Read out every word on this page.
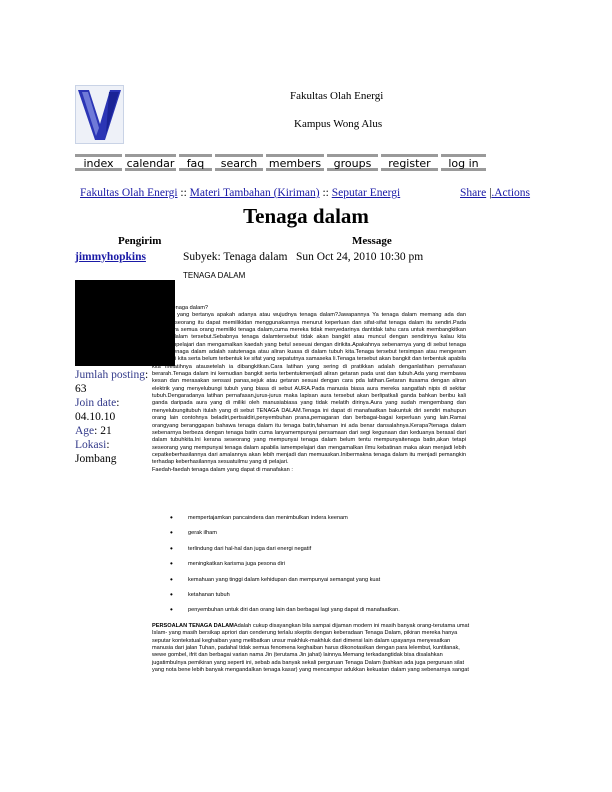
Fakultas Olah Energi
Kampus Wong Alus
index	calendar	faq	search	members	groups	register	log in
Fakultas Olah Energi :: Materi Tambahan (Kiriman) :: Seputar Energi	Share |.Actions
Tenaga dalam
Pengirim	Message
jimmyhopkins
Jumlah posting:
63
Join date:
04.10.10
Age: 21
Lokasi:
Jombang
Subyek: Tenaga dalam Sun Oct 24, 2010 10:30 pm
TENAGA DALAM
Apa itu tenaga dalam?
Jika ada yang bertanya apakah adanya atau wujudnya tenaga dalam?Jawapannya Ya tenaga dalam memang ada dan wujud.Seseorang itu dapat memilikidan menggunakannya menurut keperluan dan sifat-sifat tenaga dalam itu sendiri.Pada hakikatnya semua orang memiliki tenaga dalam,cuma mereka tidak menyedarinya dantidak tahu cara untuk membangkitkan tenaga dalam tersebut.Sebabnya tenaga dalamtersebut tidak akan bangkit atau muncul dengan sendirinya kalau kita tidakmempelajari dan mengamalkan kaedah yang betul seseuai dengan dirikita.Apakahnya sebenarnya yang di sebut tenaga dalam?Tenaga dalam adalah satutenaga atau aliran kuasa di dalam tubuh kita.Tenaga tersebut tersimpan atau mengeram dalam diri kita serta belum terbentuk ke sifat yang sepatutnya samaseka li.Tenaga tersebut akan bangkit dan terbentuk apabila kita melatihnya atausetelah ia dibangkitkan.Cara latihan yang sering di pratikkan adalah denganlatihan pernafasan berarah.Tenaga dalam ini kemudian bangkit serta terbentukmenjadi aliran getaran pada urat dan tubuh.Ada yang membawa kesan dan merasakan sensasi panas,sejuk atau getaran sesuai dengan cara pda latihan.Getaran itusama dengan aliran elektrik yang menyelubungi tubuh yang biasa di sebut AURA.Pada manusia biasa aura mereka sangatlah nipis di sekitar tubuh.Dengaradanya latihan pernafasan,jurus-jurus maka lapisan aura tersebut akan berlipatkali ganda bahkan beribu kali ganda daripada aura yang di miliki oleh manusiabiasa yang tidak melatih dirinya.Aura yang sudah mengembang dan menyelubungitubuh itulah yang di sebut TENAGA DALAM.Tenaga ini dapat di manafaatkan bakuntuk diri sendiri mahupun orang lain contohnya beladiri,pertsaidiri,penyembuhan prana,pemagaran dan berbagai-bagai keperluan yang lain.Ramai orangyang beranggapan bahawa tenaga dalam itu tenaga batin,fahaman ini ada benar dansalahnya.Kerapa?tenaga dalam sebenarnya berbeza dengan tenaga batin cuma lanyamempunyai persamaan dari segi kegunaan dan keduanya berasal dari dalam tubuhkita.Ini kerana seseorang yang mempunyai tenaga dalam belum tentu mempunyaitenaga batin,akan tetapi seseorang yang mempunyai tenaga dalam apabila iamempelajari dan mengamalkan ilmu kebatinan maka akan menjadi lebih cepatkeberhasilannya dari amalannya akan lebih menjadi dan memuaskan.Inibermakna tenaga dalam itu menjadi pemangkin terhadap keberhasilannya sesuatuilmu yang di pelajari.
Faedah-faedah tenaga dalam yang dapat di manafakan :
• mempertajamkan pancaindera dan menimbulkan indera keenam
• gerak ilham
• terlindung dari hal-hal dan juga dari energi negatif
• meningkatkan karisma juga pesona diri
• kemahuan yang tinggi dalam kehidupan dan mempunyai semangat yang kuat
• ketahanan tubuh
• penyembuhan untuk diri dan orang lain dan berbagai lagi yang dapat di manafaatkan.
PERSOALAN TENAGA DALAMAdalah cukup disayangkan bila sampai dijaman modern ini masih banyak orang-terutama umat Islam- yang masih bersikap apriori dan cenderung terlalu skeptis dengan keberadaan Tenaga Dalam, pikiran mereka hanya seputar kontekstual keghaiban yang melibatkan unsur makhluk-makhluk dari dimensi lain dalam upayanya menyesatkan manusia dari jalan Tuhan, padahal tidak semua fenomena keghaiban harus dikonotasikan dengan para lelembut, kuntilanak, wewe gombel, ifrit dan berbagai varian nama Jin (terutama Jin jahat) lainnya.Memang terkadangtidak bisa disalahkan jugatimbulnya pemikiran yang seperti ini, sebab ada banyak sekali perguruan Tenaga Dalam (bahkan ada juga perguruan silat yang nota bene lebih banyak mengandalkan tenaga kasar) yang mencampur adukkan kekuatan dalam yang sebenarnya sangat
